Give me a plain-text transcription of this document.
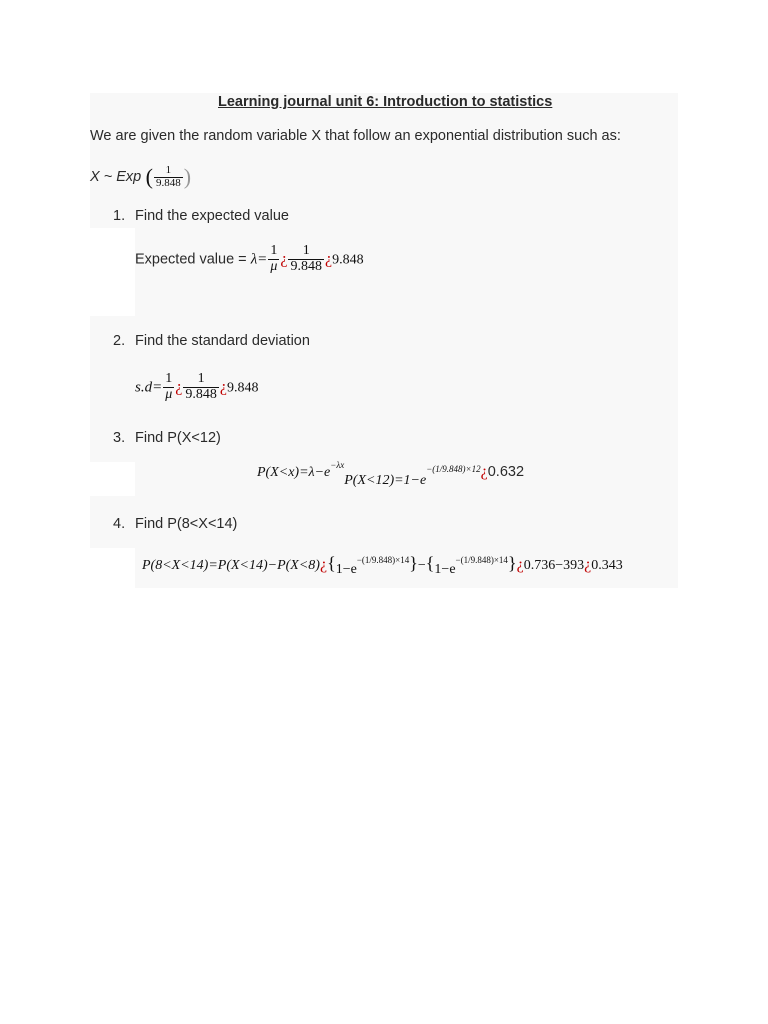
Learning journal unit 6: Introduction to statistics
We are given the random variable X that follow an exponential distribution such as:
X ~ Exp ( $\frac{1}{9.848}$ )
1. Find the expected value
Expected value = $\lambda= \frac{1}{\mu}$ ¿ $\frac{1}{9.848}$ ¿9.848
2. Find the standard deviation
$s.d= \frac{1}{\mu}$ ¿ $\frac{1}{9.848}$ ¿9.848
3. Find P(X<12)
$P(X<x)=\lambda-e^{-\lambda x}P(X<12)=1-e^{-(1/9.848)\times 12}¿0.632$
4. Find P(8<X<14)
$P(8<X<14)=P(X<14)-P(X<8)¿\{1-e^{-(1/9.848)\times 14}\}-\{1-e^{-(1/9.848)\times 14}\}¿0.736-393¿0.343$
